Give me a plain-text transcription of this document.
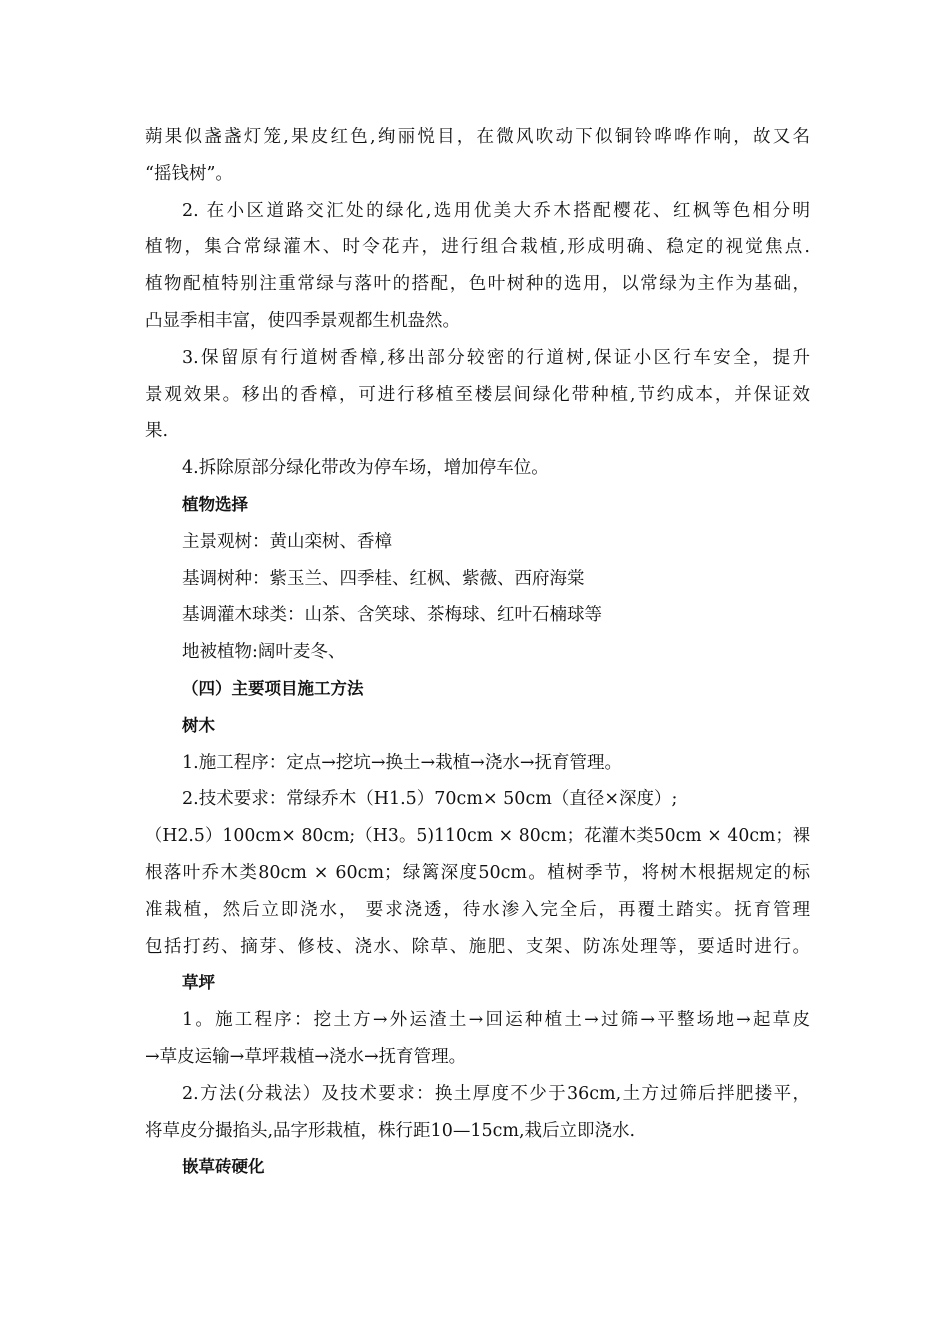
蒴果似盏盏灯笼,果皮红色,绚丽悦目，在微风吹动下似铜铃哗哗作响，故又名
“摇钱树”。
2. 在小区道路交汇处的绿化,选用优美大乔木搭配樱花、红枫等色相分明
植物，集合常绿灌木、时令花卉，进行组合栽植,形成明确、稳定的视觉焦点.
植物配植特别注重常绿与落叶的搭配，色叶树种的选用，以常绿为主作为基础，
凸显季相丰富，使四季景观都生机盎然。
3.保留原有行道树香樟,移出部分较密的行道树,保证小区行车安全，提升
景观效果。移出的香樟，可进行移植至楼层间绿化带种植,节约成本，并保证效
果.
4.拆除原部分绿化带改为停车场，增加停车位。
植物选择
主景观树：黄山栾树、香樟
基调树种：紫玉兰、四季桂、红枫、紫薇、西府海棠
基调灌木球类：山茶、含笑球、茶梅球、红叶石楠球等
地被植物:阔叶麦冬、
（四）主要项目施工方法
树木
1.施工程序：定点→挖坑→换土→栽植→浇水→抚育管理。
2.技术要求：常绿乔木（H1.5）70cm× 50cm（直径×深度）;
（H2.5）100cm× 80cm;（H3。5)110cm × 80cm；花灌木类50cm × 40cm；裸
根落叶乔木类80cm × 60cm；绿篱深度50cm。植树季节，将树木根据规定的标
准栽植，然后立即浇水， 要求浇透，待水渗入完全后，再覆土踏实。抚育管理
包括打药、摘芽、修枝、浇水、除草、施肥、支架、防冻处理等，要适时进行。
草坪
1。施工程序：挖土方→外运渣土→回运种植土→过筛→平整场地→起草皮
→草皮运输→草坪栽植→浇水→抚育管理。
2.方法(分栽法）及技术要求：换土厚度不少于36cm,土方过筛后拌肥搂平，
将草皮分撮掐头,品字形栽植，株行距10—15cm,栽后立即浇水.
嵌草砖硬化
